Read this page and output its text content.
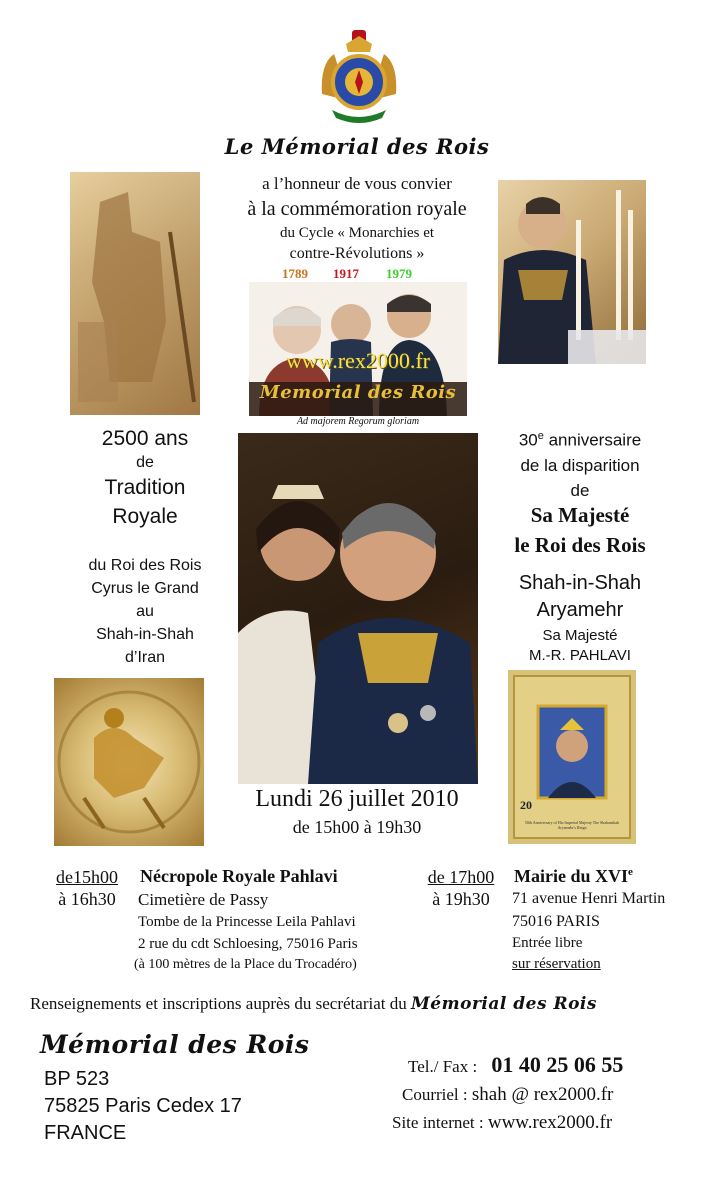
Le Mémorial des Rois
a l’honneur de vous convier
à la commémoration royale
du Cycle « Monarchies et
contre-Révolutions »
1789 1917 1979
www.rex2000.fr
Memorial des Rois
Ad majorem Regorum gloriam
2500 ans
de
Tradition
Royale
du Roi des Rois
Cyrus le Grand
au
Shah-in-Shah
d’Iran
30e anniversaire
de la disparition
de
Sa Majesté
le Roi des Rois
Shah-in-Shah
Aryamehr
Sa Majesté
M.-R. PAHLAVI
20
50th Anniversary of His Imperial Majesty The Shahanshah Aryamehr's Reign
Lundi 26 juillet 2010
de 15h00 à 19h30
de15h00
à 16h30
Nécropole Royale Pahlavi
Cimetière de Passy
Tombe de la Princesse Leila Pahlavi
2 rue du cdt Schloesing, 75016 Paris
(à 100 mètres de la Place du Trocadéro)
de 17h00
à 19h30
Mairie du XVIe
71 avenue Henri Martin
75016 PARIS
Entrée libre
sur réservation
Renseignements et inscriptions auprès du secrétariat du Mémorial des Rois
Mémorial des Rois
BP 523
75825 Paris Cedex 17
FRANCE
Tel./ Fax : 01 40 25 06 55
Courriel : shah @ rex2000.fr
Site internet : www.rex2000.fr
